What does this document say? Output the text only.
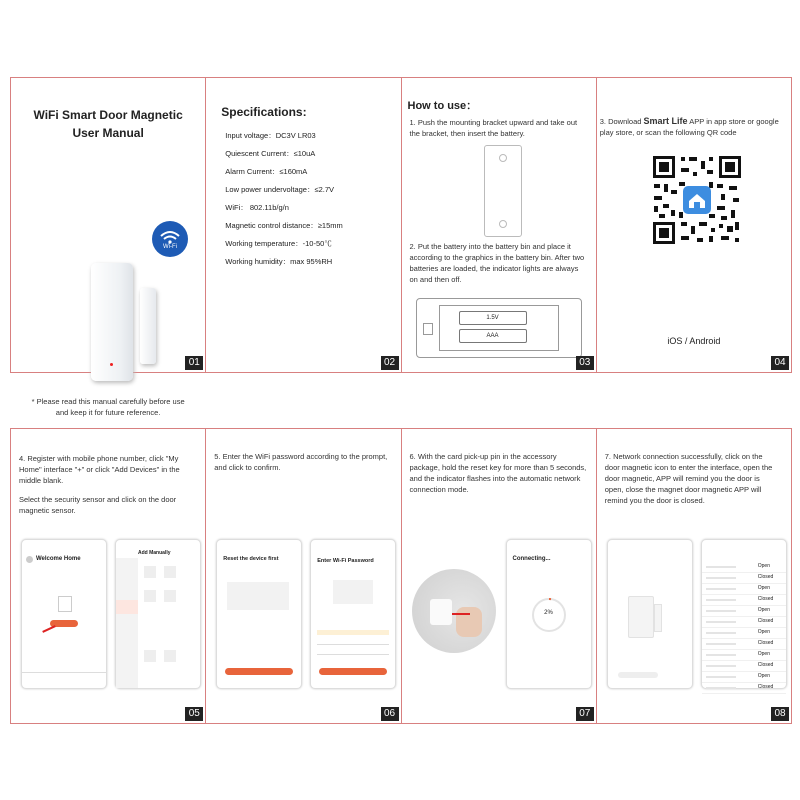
WiFi Smart Door Magnetic
User Manual
Wi-Fi
* Please read this manual carefully before use
and keep it for future reference.
01
Specifications:
Input voltage：DC3V LR03
Quiescent Current：≤10uA
Alarm Current：≤160mA
Low power undervoltage：≤2.7V
WiFi： 802.11b/g/n
Magnetic control distance：≥15mm
Working temperature：-10-50℃
Working humidity：max 95%RH
02
How to use：
1. Push the mounting bracket upward and take out
the bracket, then insert the battery.
2. Put the battery into the battery bin and place it
according to the graphics in the battery bin. After two
batteries are loaded, the indicator lights are always
on and then off.
1.5V
AAA
03
3. Download Smart Life APP in app store or google
play store, or scan the following QR code
iOS / Android
04
4. Register with mobile phone number, click "My
Home" interface "+" or click "Add Devices" in the
middle blank.
Select the security sensor and click on the door
magnetic sensor.
Welcome Home
Add Manually
05
5. Enter the WiFi password according to the prompt,
and click to confirm.
Reset the device first	Enter Wi-Fi Password
06
6. With the card pick-up pin in the accessory
package, hold the reset key for more than 5 seconds,
and the indicator flashes into the automatic network
connection mode.
Connecting...
2%
07
7. Network connection successfully, click on the
door magnetic icon to enter the interface, open the
door magnetic, APP will remind you the door is
open, close the magnet door magnetic APP will
remind you the door is closed.
Open
Closed
Open
Closed
Open
Closed
Open
Closed
Open
Closed
Open
Closed
08
